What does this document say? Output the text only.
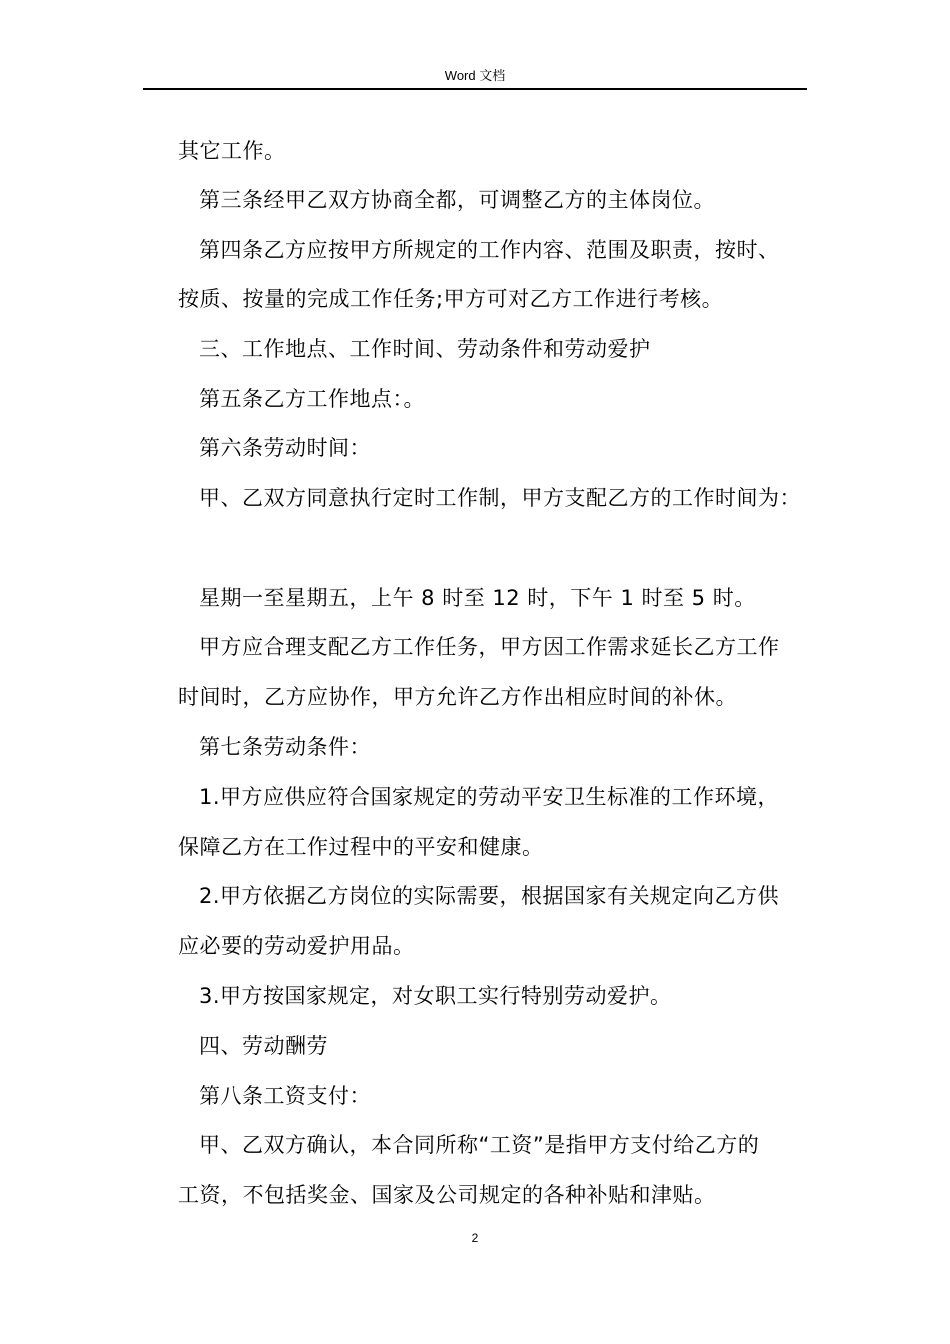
Word 文档
其它工作。
第三条经甲乙双方协商全都，可调整乙方的主体岗位。
第四条乙方应按甲方所规定的工作内容、范围及职责，按时、
按质、按量的完成工作任务;甲方可对乙方工作进行考核。
三、工作地点、工作时间、劳动条件和劳动爱护
第五条乙方工作地点：。
第六条劳动时间：
甲、乙双方同意执行定时工作制，甲方支配乙方的工作时间为：
星期一至星期五，上午 8 时至 12 时，下午 1 时至 5 时。
甲方应合理支配乙方工作任务，甲方因工作需求延长乙方工作
时间时，乙方应协作，甲方允许乙方作出相应时间的补休。
第七条劳动条件：
1.甲方应供应符合国家规定的劳动平安卫生标准的工作环境，
保障乙方在工作过程中的平安和健康。
2.甲方依据乙方岗位的实际需要，根据国家有关规定向乙方供
应必要的劳动爱护用品。
3.甲方按国家规定，对女职工实行特别劳动爱护。
四、劳动酬劳
第八条工资支付：
甲、乙双方确认，本合同所称“工资”是指甲方支付给乙方的
工资，不包括奖金、国家及公司规定的各种补贴和津贴。
2
